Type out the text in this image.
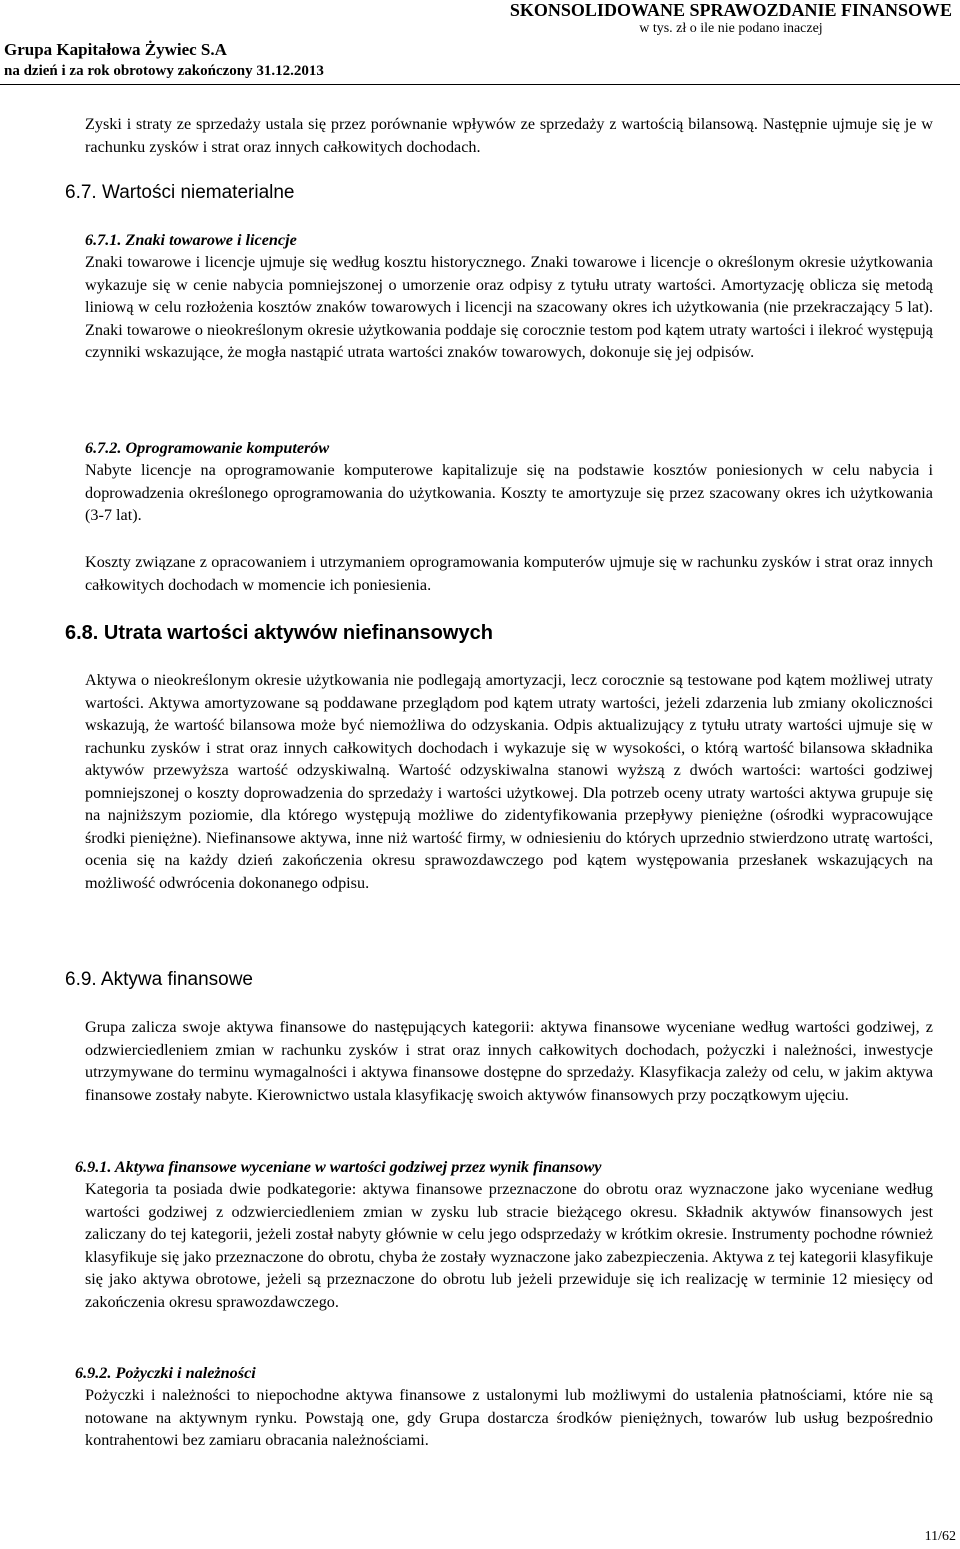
SKONSOLIDOWANE SPRAWOZDANIE FINANSOWE
w tys. zł o ile nie podano inaczej
Grupa Kapitałowa Żywiec S.A
na dzień i za rok obrotowy zakończony 31.12.2013

Zyski i straty ze sprzedaży ustala się przez porównanie wpływów ze sprzedaży z wartością bilansową. Następnie ujmuje się je w rachunku zysków i strat oraz innych całkowitych dochodach.

6.7. Wartości niematerialne
6.7.1. Znaki towarowe i licencje

Znaki towarowe i licencje ujmuje się według kosztu historycznego. Znaki towarowe i licencje o określonym okresie użytkowania wykazuje się w cenie nabycia pomniejszonej o umorzenie oraz odpisy z tytułu utraty wartości. Amortyzację oblicza się metodą liniową w celu rozłożenia kosztów znaków towarowych i licencji na szacowany okres ich użytkowania (nie przekraczający 5 lat). Znaki towarowe o nieokreślonym okresie użytkowania poddaje się corocznie testom pod kątem utraty wartości i ilekroć występują czynniki wskazujące, że mogła nastąpić utrata wartości znaków towarowych, dokonuje się jej odpisów.

6.7.2. Oprogramowanie komputerów

Nabyte licencje na oprogramowanie komputerowe kapitalizuje się na podstawie kosztów poniesionych w celu nabycia i doprowadzenia określonego oprogramowania do użytkowania. Koszty te amortyzuje się przez szacowany okres ich użytkowania (3-7 lat).

Koszty związane z opracowaniem i utrzymaniem oprogramowania komputerów ujmuje się w rachunku zysków i strat oraz innych całkowitych dochodach w momencie ich poniesienia.

6.8. Utrata wartości aktywów niefinansowych

Aktywa o nieokreślonym okresie użytkowania nie podlegają amortyzacji, lecz corocznie są testowane pod kątem możliwej utraty wartości. Aktywa amortyzowane są poddawane przeglądom pod kątem utraty wartości, jeżeli zdarzenia lub zmiany okoliczności wskazują, że wartość bilansowa może być niemożliwa do odzyskania. Odpis aktualizujący z tytułu utraty wartości ujmuje się w rachunku zysków i strat oraz innych całkowitych dochodach i wykazuje się w wysokości, o którą wartość bilansowa składnika aktywów przewyższa wartość odzyskiwalną. Wartość odzyskiwalna stanowi wyższą z dwóch wartości: wartości godziwej pomniejszonej o koszty doprowadzenia do sprzedaży i wartości użytkowej. Dla potrzeb oceny utraty wartości aktywa grupuje się na najniższym poziomie, dla którego występują możliwe do zidentyfikowania przepływy pieniężne (ośrodki wypracowujące środki pieniężne). Niefinansowe aktywa, inne niż wartość firmy, w odniesieniu do których uprzednio stwierdzono utratę wartości, ocenia się na każdy dzień zakończenia okresu sprawozdawczego pod kątem występowania przesłanek wskazujących na możliwość odwrócenia dokonanego odpisu.

6.9. Aktywa finansowe

Grupa zalicza swoje aktywa finansowe do następujących kategorii: aktywa finansowe wyceniane według wartości godziwej, z odzwierciedleniem zmian w rachunku zysków i strat oraz innych całkowitych dochodach, pożyczki i należności, inwestycje utrzymywane do terminu wymagalności i aktywa finansowe dostępne do sprzedaży. Klasyfikacja zależy od celu, w jakim aktywa finansowe zostały nabyte. Kierownictwo ustala klasyfikację swoich aktywów finansowych przy początkowym ujęciu.

6.9.1. Aktywa finansowe wyceniane w wartości godziwej przez wynik finansowy

Kategoria ta posiada dwie podkategorie: aktywa finansowe przeznaczone do obrotu oraz wyznaczone jako wyceniane według wartości godziwej z odzwierciedleniem zmian w zysku lub stracie bieżącego okresu. Składnik aktywów finansowych jest zaliczany do tej kategorii, jeżeli został nabyty głównie w celu jego odsprzedaży w krótkim okresie. Instrumenty pochodne również klasyfikuje się jako przeznaczone do obrotu, chyba że zostały wyznaczone jako zabezpieczenia. Aktywa z tej kategorii klasyfikuje się jako aktywa obrotowe, jeżeli są przeznaczone do obrotu lub jeżeli przewiduje się ich realizację w terminie 12 miesięcy od zakończenia okresu sprawozdawczego.

6.9.2. Pożyczki i należności

Pożyczki i należności to niepochodne aktywa finansowe z ustalonymi lub możliwymi do ustalenia płatnościami, które nie są notowane na aktywnym rynku. Powstają one, gdy Grupa dostarcza środków pieniężnych, towarów lub usług bezpośrednio kontrahentowi bez zamiaru obracania należnościami.

11/62
